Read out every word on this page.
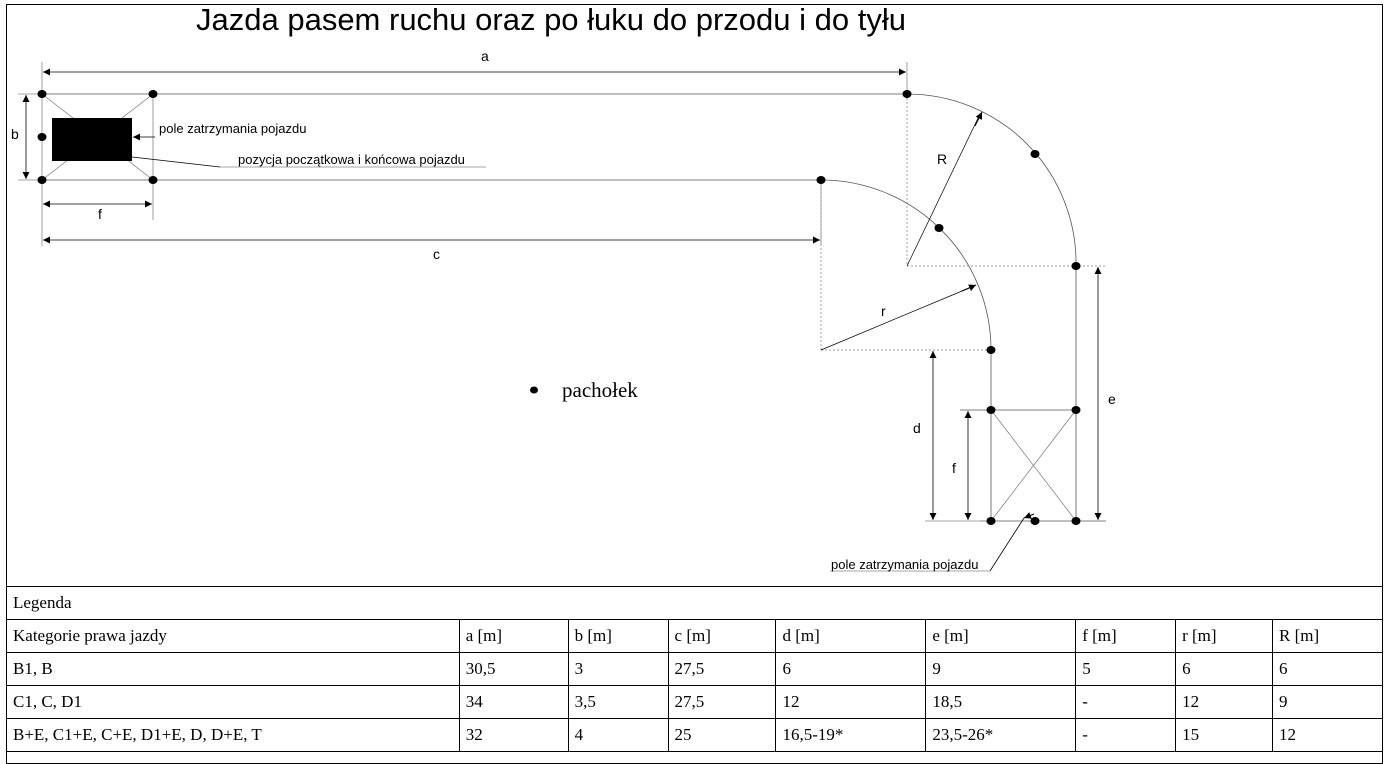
Jazda pasem ruchu oraz po łuku do przodu i do tyłu
a
b
f
c
R
r
d
f
e
pole zatrzymania pojazdu
pozycja początkowa i końcowa pojazdu
pole zatrzymania pojazdu
pachołek
Legenda								
Kategorie prawa jazdy	a [m]	b [m]	c [m]	d [m]	e [m]	f [m]	r [m]	R [m]
B1, B	30,5	3	27,5	6	9	5	6	6
C1, C, D1	34	3,5	27,5	12	18,5	-	12	9
B+E, C1+E, C+E, D1+E, D, D+E, T	32	4	25	16,5-19*	23,5-26*	-	15	12
